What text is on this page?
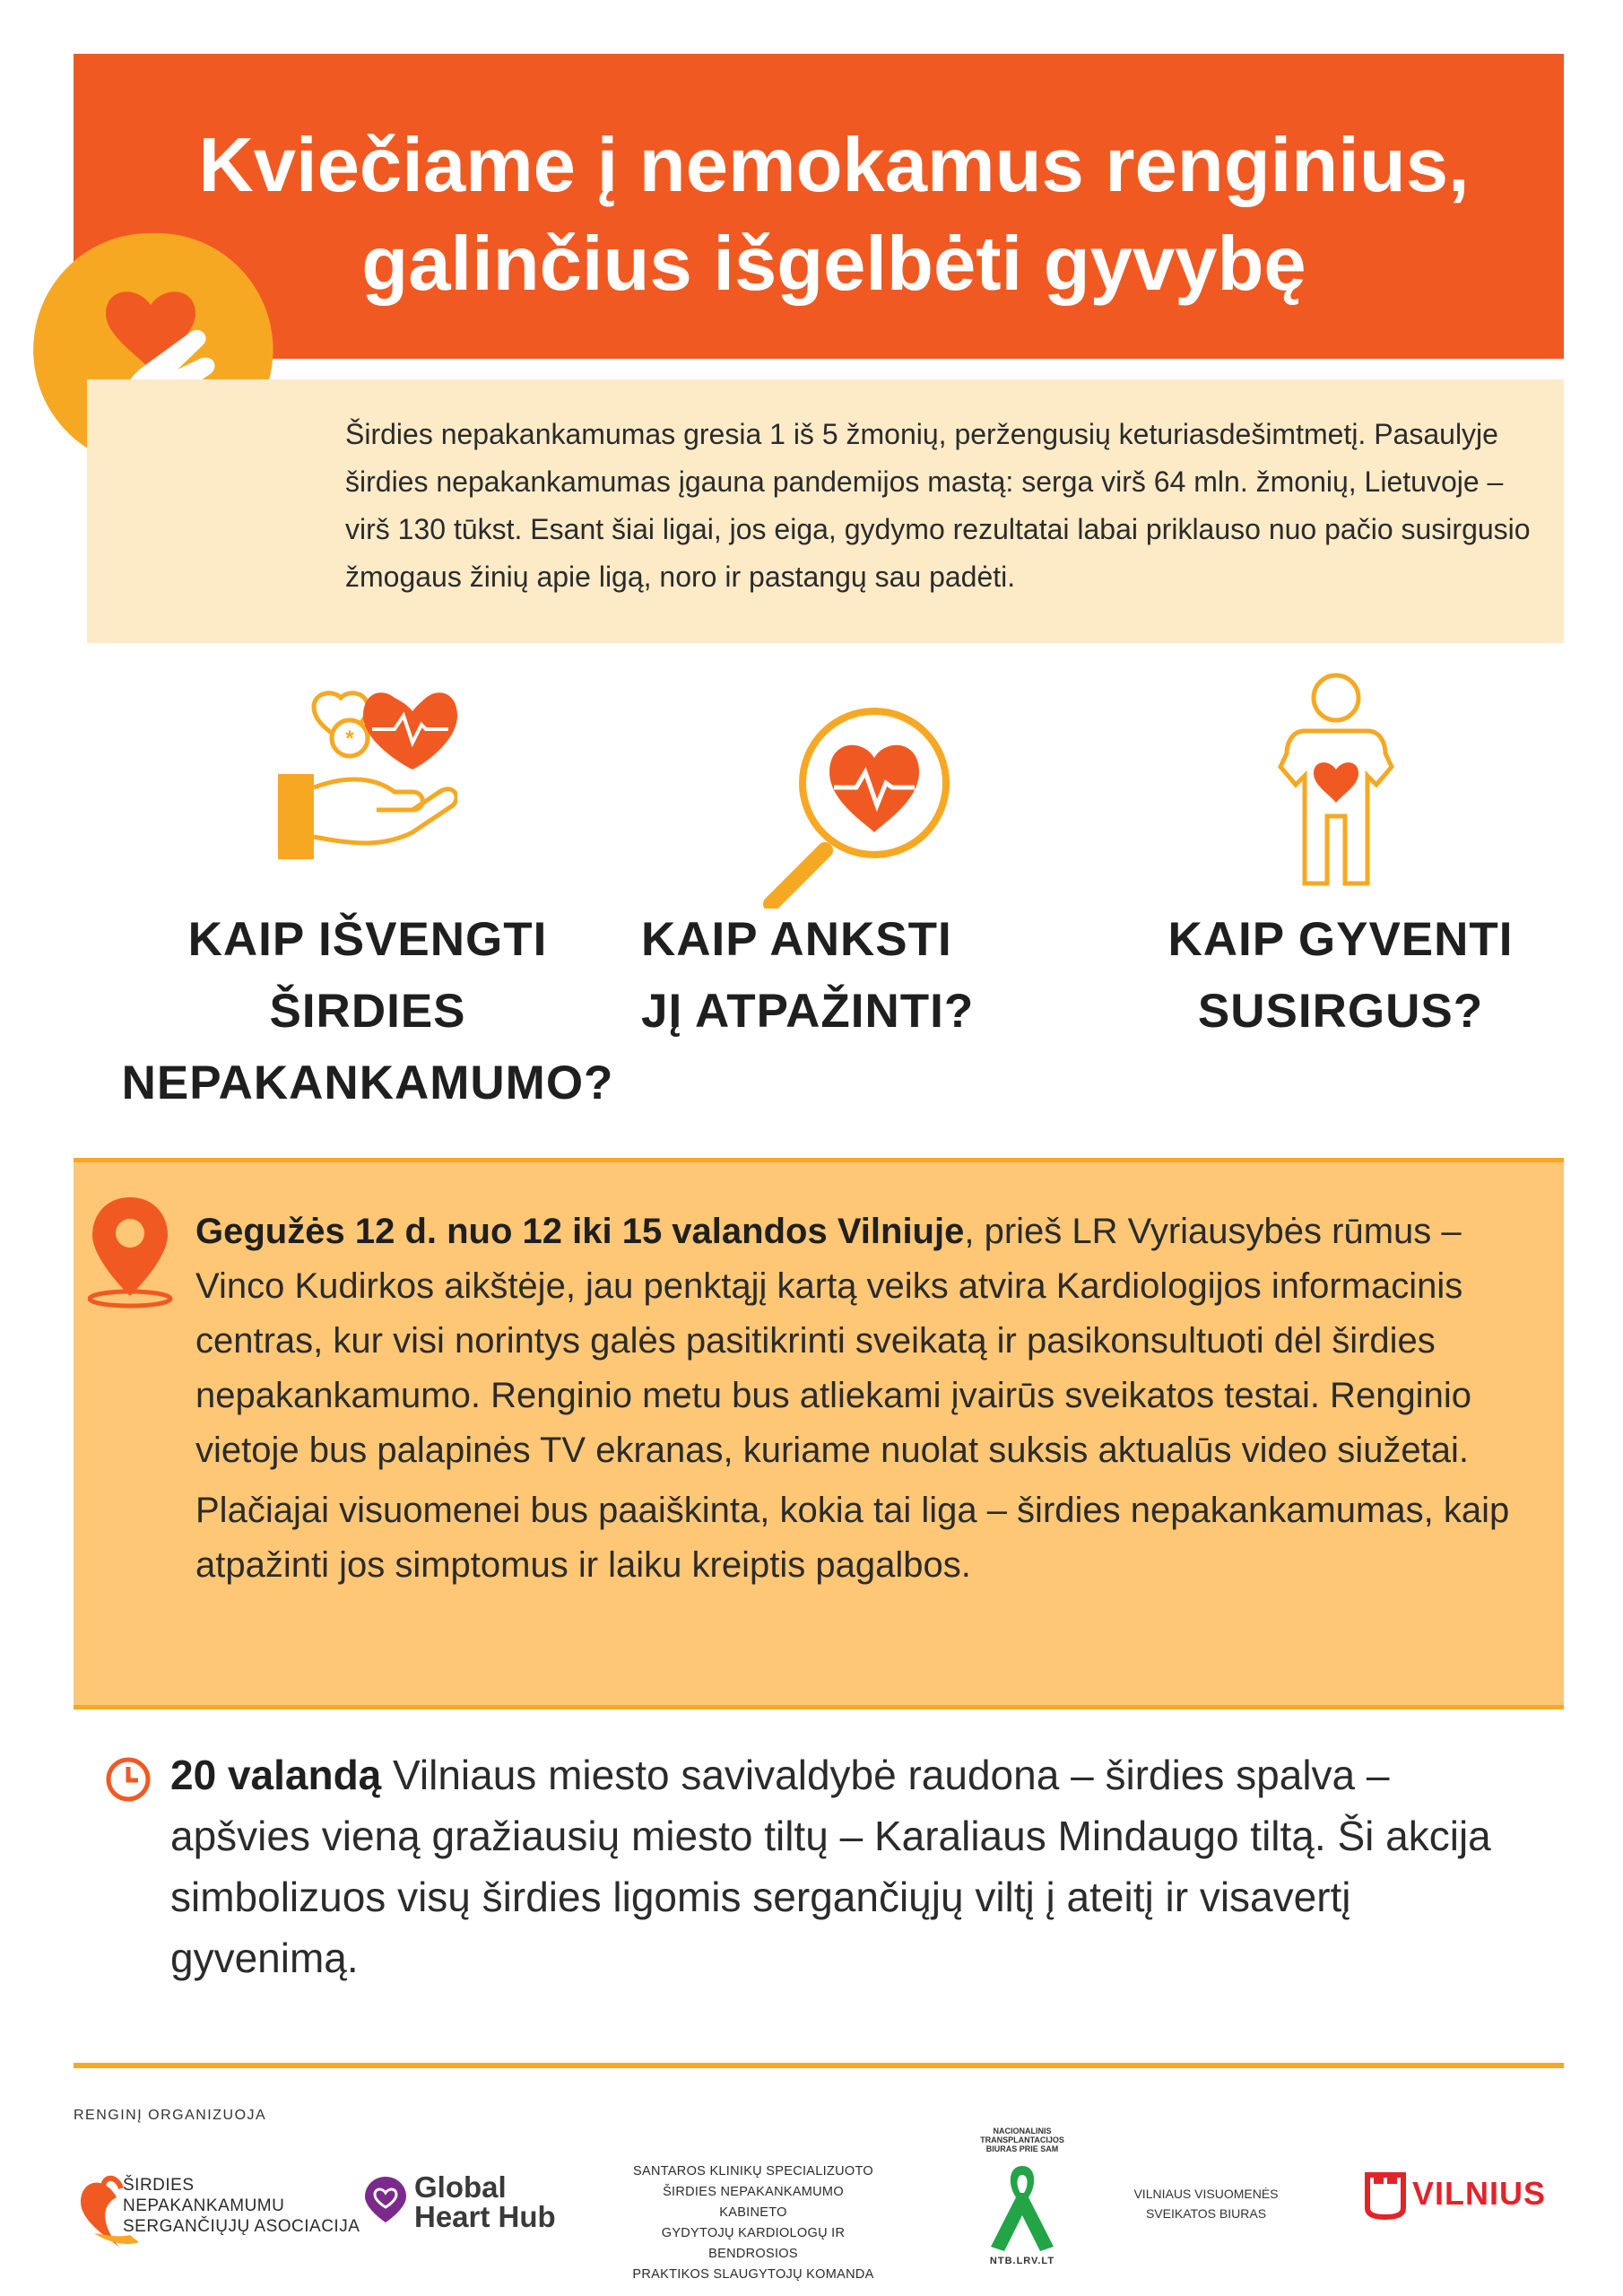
Kviečiame į nemokamus renginius,
galinčius išgelbėti gyvybę
Širdies nepakankamumas gresia 1 iš 5 žmonių, peržengusių keturiasdešimtmetį. Pasaulyje širdies nepakankamumas įgauna pandemijos mastą: serga virš 64 mln. žmonių, Lietuvoje – virš 130 tūkst. Esant šiai ligai, jos eiga, gydymo rezultatai labai priklauso nuo pačio susirgusio žmogaus žinių apie ligą, noro ir pastangų sau padėti.
*
KAIP IŠVENGTI
ŠIRDIES
NEPAKANKAMUMO?
KAIP ANKSTI
JĮ ATPAŽINTI?
KAIP GYVENTI
SUSIRGUS?

Gegužės 12 d. nuo 12 iki 15 valandos Vilniuje, prieš LR Vyriausybės rūmus – Vinco Kudirkos aikštėje, jau penktąjį kartą veiks atvira Kardiologijos informacinis centras, kur visi norintys galės pasitikrinti sveikatą ir pasikonsultuoti dėl širdies nepakankamumo. Renginio metu bus atliekami įvairūs sveikatos testai. Renginio vietoje bus palapinės TV ekranas, kuriame nuolat suksis aktualūs video siužetai.

Plačiajai visuomenei bus paaiškinta, kokia tai liga – širdies nepakankamumas, kaip atpažinti jos simptomus ir laiku kreiptis pagalbos.

20 valandą Vilniaus miesto savivaldybė raudona – širdies spalva – apšvies vieną gražiausių miesto tiltų – Karaliaus Mindaugo tiltą. Ši akcija simbolizuos visų širdies ligomis sergančiųjų viltį į ateitį ir visavertį gyvenimą.
RENGINĮ ORGANIZUOJA
ŠIRDIES
NEPAKANKAMUMU
SERGANČIŲJŲ ASOCIACIJA
Global
Heart Hub
SANTAROS KLINIKŲ SPECIALIZUOTO
ŠIRDIES NEPAKANKAMUMO KABINETO
GYDYTOJŲ KARDIOLOGŲ IR BENDROSIOS
PRAKTIKOS SLAUGYTOJŲ KOMANDA
NACIONALINIS
TRANSPLANTACIJOS
BIURAS PRIE SAM
NTB.LRV.LT
VILNIAUS VISUOMENĖS
SVEIKATOS BIURAS
VILNIUS
